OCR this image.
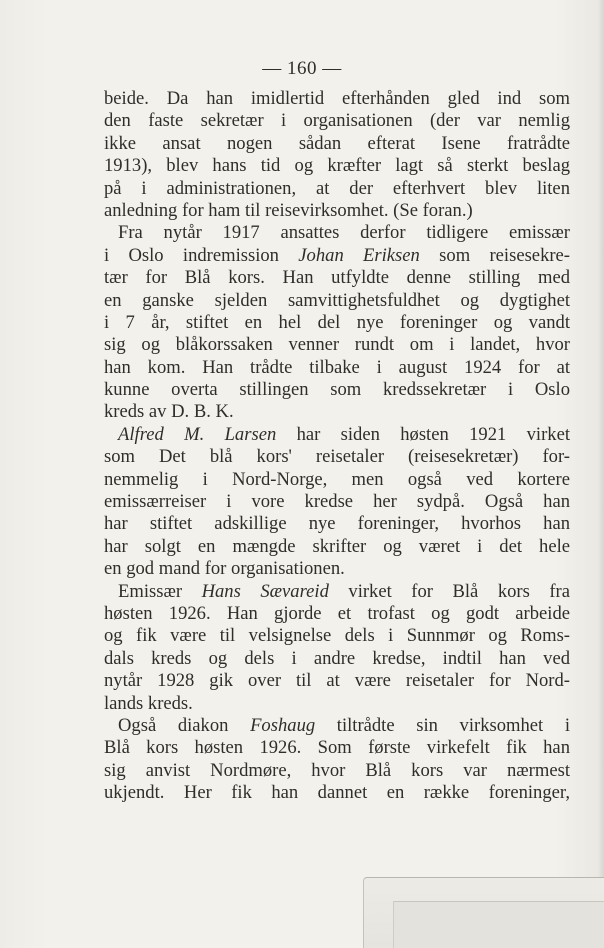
— 160 —
beide. Da han imidlertid efterhånden gled ind som
den faste sekretær i organisationen (der var nemlig
ikke ansat nogen sådan efterat Isene fratrådte
1913), blev hans tid og kræfter lagt så sterkt beslag
på i administrationen, at der efterhvert blev liten
anledning for ham til reisevirksomhet. (Se foran.)
Fra nytår 1917 ansattes derfor tidligere emissær
i Oslo indremission Johan Eriksen som reisesekre-
tær for Blå kors. Han utfyldte denne stilling med
en ganske sjelden samvittighetsfuldhet og dygtighet
i 7 år, stiftet en hel del nye foreninger og vandt
sig og blåkorssaken venner rundt om i landet, hvor
han kom. Han trådte tilbake i august 1924 for at
kunne overta stillingen som kredssekretær i Oslo
kreds av D. B. K.
Alfred M. Larsen har siden høsten 1921 virket
som Det blå kors' reisetaler (reisesekretær) for-
nemmelig i Nord-Norge, men også ved kortere
emissærreiser i vore kredse her sydpå. Også han
har stiftet adskillige nye foreninger, hvorhos han
har solgt en mængde skrifter og været i det hele
en god mand for organisationen.
Emissær Hans Sævareid virket for Blå kors fra
høsten 1926. Han gjorde et trofast og godt arbeide
og fik være til velsignelse dels i Sunnmør og Roms-
dals kreds og dels i andre kredse, indtil han ved
nytår 1928 gik over til at være reisetaler for Nord-
lands kreds.
Også diakon Foshaug tiltrådte sin virksomhet i
Blå kors høsten 1926. Som første virkefelt fik han
sig anvist Nordmøre, hvor Blå kors var nærmest
ukjendt. Her fik han dannet en række foreninger,
